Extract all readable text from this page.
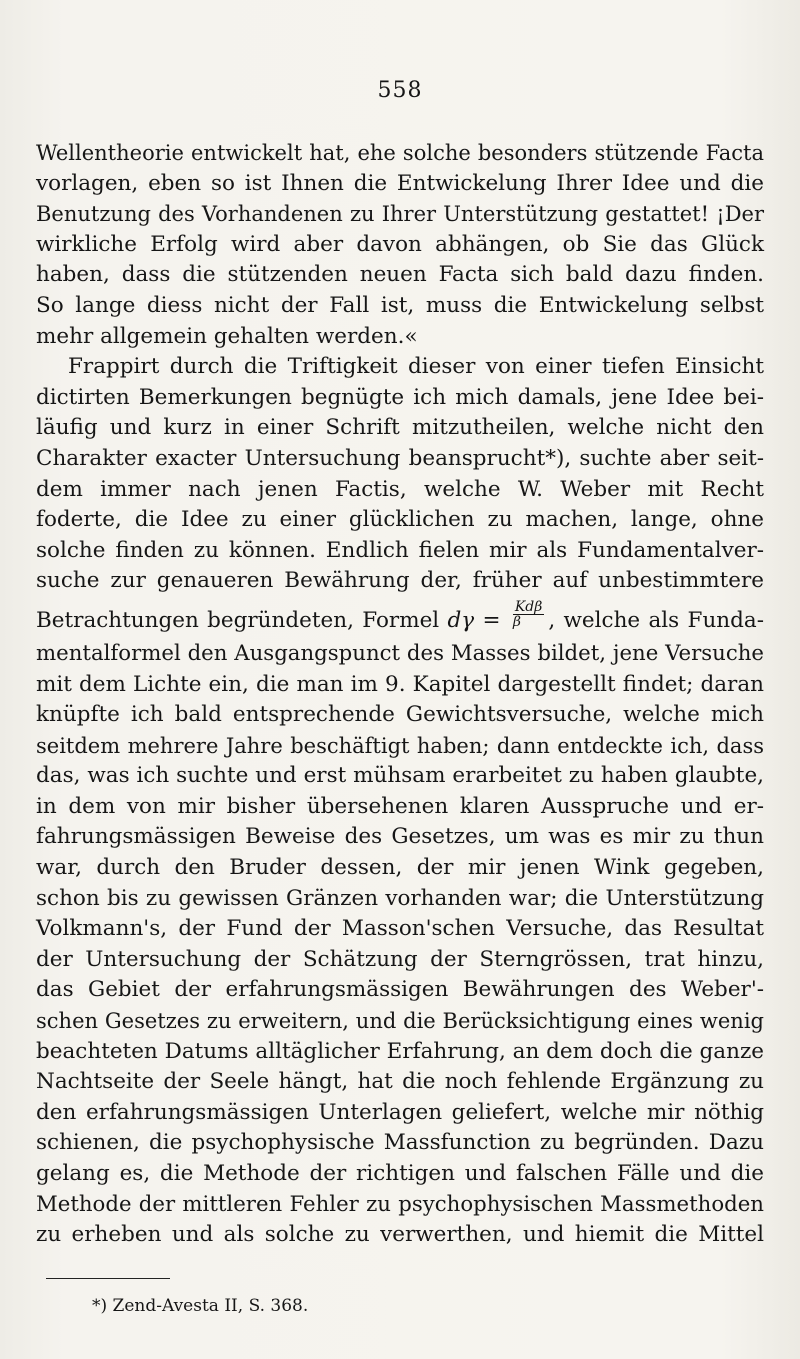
558
Wellentheorie entwickelt hat, ehe solche besonders stützende Facta
vorlagen, eben so ist Ihnen die Entwickelung Ihrer Idee und die
Benutzung des Vorhandenen zu Ihrer Unterstützung gestattet! ¡Der
wirkliche Erfolg wird aber davon abhängen, ob Sie das Glück
haben, dass die stützenden neuen Facta sich bald dazu finden.
So lange diess nicht der Fall ist, muss die Entwickelung selbst
mehr allgemein gehalten werden.«
Frappirt durch die Triftigkeit dieser von einer tiefen Einsicht
dictirten Bemerkungen begnügte ich mich damals, jene Idee bei-
läufig und kurz in einer Schrift mitzutheilen, welche nicht den
Charakter exacter Untersuchung beansprucht*), suchte aber seit-
dem immer nach jenen Factis, welche W. Weber mit Recht
foderte, die Idee zu einer glücklichen zu machen, lange, ohne
solche finden zu können. Endlich fielen mir als Fundamentalver-
suche zur genaueren Bewährung der, früher auf unbestimmtere
Betrachtungen begründeten, Formel $d\gamma = \frac{\text{Kdβ}}{\beta}$ , welche als Funda-
mentalformel den Ausgangspunct des Masses bildet, jene Versuche
mit dem Lichte ein, die man im 9. Kapitel dargestellt findet; daran
knüpfte ich bald entsprechende Gewichtsversuche, welche mich
seitdem mehrere Jahre beschäftigt haben; dann entdeckte ich, dass
das, was ich suchte und erst mühsam erarbeitet zu haben glaubte,
in dem von mir bisher übersehenen klaren Ausspruche und er-
fahrungsmässigen Beweise des Gesetzes, um was es mir zu thun
war, durch den Bruder dessen, der mir jenen Wink gegeben,
schon bis zu gewissen Gränzen vorhanden war; die Unterstützung
Volkmann's, der Fund der Masson'schen Versuche, das Resultat
der Untersuchung der Schätzung der Sterngrössen, trat hinzu,
das Gebiet der erfahrungsmässigen Bewährungen des Weber'-
schen Gesetzes zu erweitern, und die Berücksichtigung eines wenig
beachteten Datums alltäglicher Erfahrung, an dem doch die ganze
Nachtseite der Seele hängt, hat die noch fehlende Ergänzung zu
den erfahrungsmässigen Unterlagen geliefert, welche mir nöthig
schienen, die psychophysische Massfunction zu begründen. Dazu
gelang es, die Methode der richtigen und falschen Fälle und die
Methode der mittleren Fehler zu psychophysischen Massmethoden
zu erheben und als solche zu verwerthen, und hiemit die Mittel
*) Zend-Avesta II, S. 368.
